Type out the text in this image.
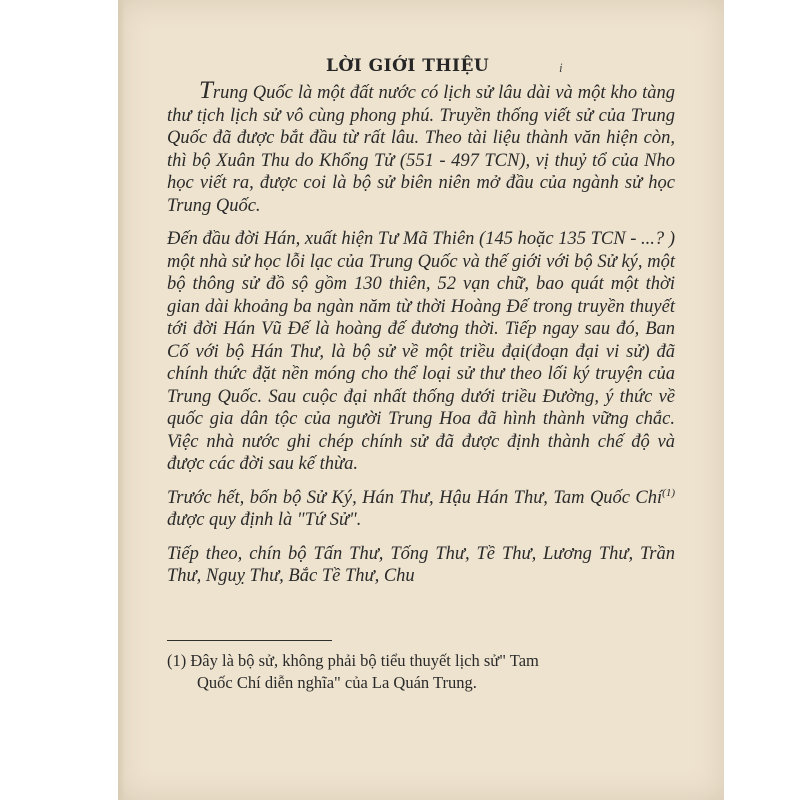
LỜI GIỚI THIỆU	i

Trung Quốc là một đất nước có lịch sử lâu dài và một kho tàng thư tịch lịch sử vô cùng phong phú. Truyền thống viết sử của Trung Quốc đã được bắt đầu từ rất lâu. Theo tài liệu thành văn hiện còn, thì bộ Xuân Thu do Khổng Tử (551 - 497 TCN), vị thuỷ tổ của Nho học viết ra, được coi là bộ sử biên niên mở đầu của ngành sử học Trung Quốc.

Đến đầu đời Hán, xuất hiện Tư Mã Thiên (145 hoặc 135 TCN - ...? ) một nhà sử học lỗi lạc của Trung Quốc và thế giới với bộ Sử ký, một bộ thông sử đồ sộ gồm 130 thiên, 52 vạn chữ, bao quát một thời gian dài khoảng ba ngàn năm từ thời Hoàng Đế trong truyền thuyết tới đời Hán Vũ Đế là hoàng đế đương thời. Tiếp ngay sau đó, Ban Cố với bộ Hán Thư, là bộ sử về một triều đại(đoạn đại vi sử) đã chính thức đặt nền móng cho thể loại sử thư theo lối ký truyện của Trung Quốc. Sau cuộc đại nhất thống dưới triều Đường, ý thức về quốc gia dân tộc của người Trung Hoa đã hình thành vững chắc. Việc nhà nước ghi chép chính sử đã được định thành chế độ và được các đời sau kế thừa.

Trước hết, bốn bộ Sử Ký, Hán Thư, Hậu Hán Thư, Tam Quốc Chí$^{(1)}$ được quy định là "Tứ Sử".

Tiếp theo, chín bộ Tấn Thư, Tống Thư, Tề Thư, Lương Thư, Trần Thư, Nguỵ Thư, Bắc Tề Thư, Chu

(1) Đây là bộ sử, không phải bộ tiểu thuyết lịch sử" Tam
Quốc Chí diễn nghĩa" của La Quán Trung.
